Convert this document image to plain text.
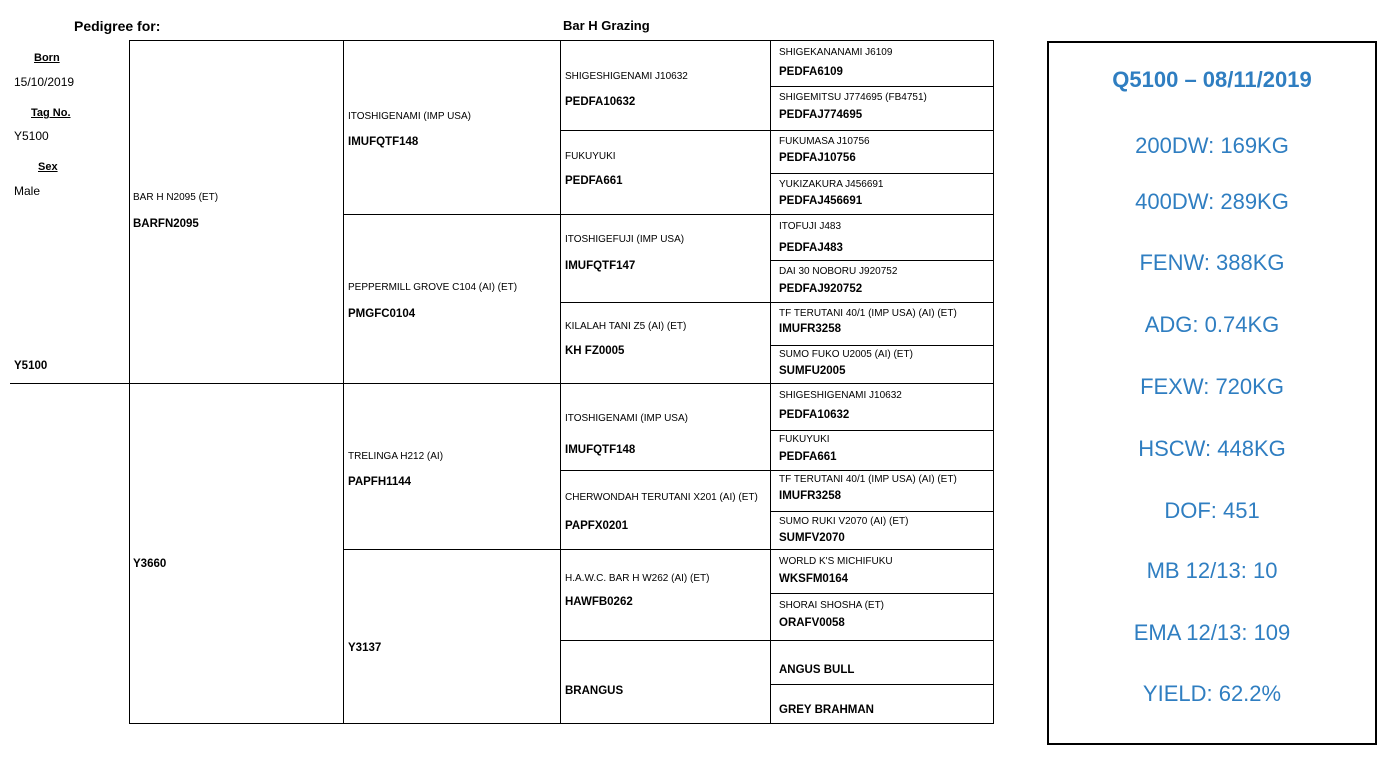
Pedigree for:	Bar H Grazing
Born
15/10/2019
Tag No.
Y5100
Sex
Male
Y5100
BAR H N2095 (ET)
BARFN2095
Y3660
ITOSHIGENAMI (IMP USA)
IMUFQTF148
PEPPERMILL GROVE C104 (AI) (ET)
PMGFC0104
TRELINGA H212 (AI)
PAPFH1144
Y3137
SHIGESHIGENAMI J10632
PEDFA10632
FUKUYUKI
PEDFA661
ITOSHIGEFUJI (IMP USA)
IMUFQTF147
KILALAH TANI Z5 (AI) (ET)
KH FZ0005
ITOSHIGENAMI (IMP USA)
IMUFQTF148
CHERWONDAH TERUTANI X201 (AI) (ET)
PAPFX0201
H.A.W.C. BAR H W262 (AI) (ET)
HAWFB0262
BRANGUS
SHIGEKANANAMI J6109
PEDFA6109
SHIGEMITSU J774695 (FB4751)
PEDFAJ774695
FUKUMASA J10756
PEDFAJ10756
YUKIZAKURA J456691
PEDFAJ456691
ITOFUJI J483
PEDFAJ483
DAI 30 NOBORU J920752
PEDFAJ920752
TF TERUTANI 40/1 (IMP USA) (AI) (ET)
IMUFR3258
SUMO FUKO U2005 (AI) (ET)
SUMFU2005
SHIGESHIGENAMI J10632
PEDFA10632
FUKUYUKI
PEDFA661
TF TERUTANI 40/1 (IMP USA) (AI) (ET)
IMUFR3258
SUMO RUKI V2070 (AI) (ET)
SUMFV2070
WORLD K'S MICHIFUKU
WKSFM0164
SHORAI SHOSHA (ET)
ORAFV0058
ANGUS BULL
GREY BRAHMAN
Q5100 – 08/11/2019
200DW: 169KG
400DW: 289KG
FENW: 388KG
ADG: 0.74KG
FEXW: 720KG
HSCW: 448KG
DOF: 451
MB 12/13: 10
EMA 12/13: 109
YIELD: 62.2%
